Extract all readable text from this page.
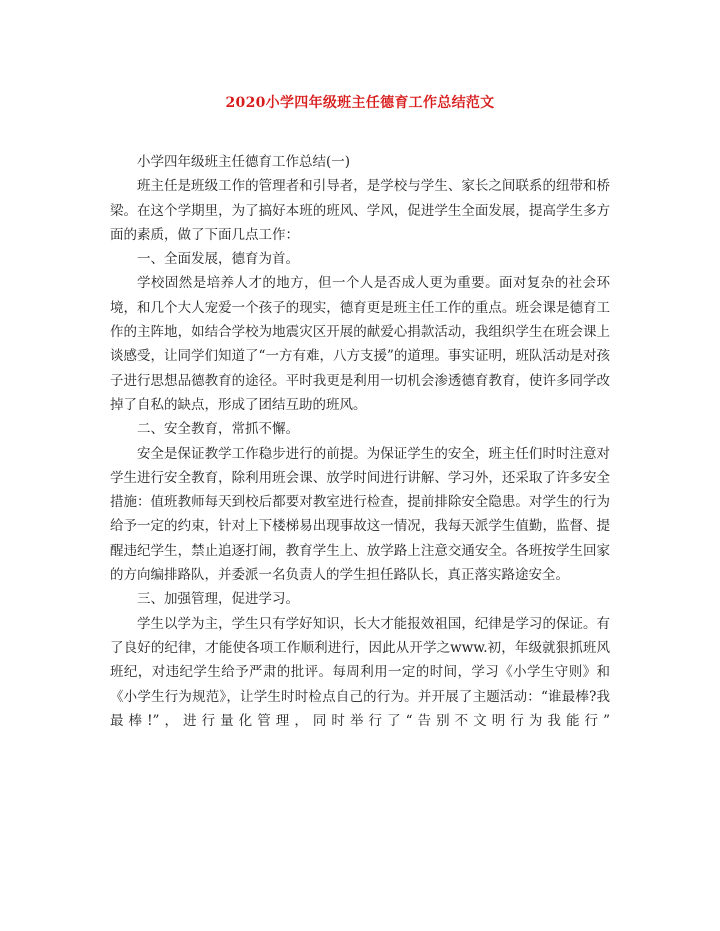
2020小学四年级班主任德育工作总结范文

小学四年级班主任德育工作总结(一)

班主任是班级工作的管理者和引导者，是学校与学生、家长之间联系的纽带和桥梁。在这个学期里，为了搞好本班的班风、学风，促进学生全面发展，提高学生多方面的素质，做了下面几点工作：

一、全面发展，德育为首。

学校固然是培养人才的地方，但一个人是否成人更为重要。面对复杂的社会环境，和几个大人宠爱一个孩子的现实，德育更是班主任工作的重点。班会课是德育工作的主阵地，如结合学校为地震灾区开展的献爱心捐款活动，我组织学生在班会课上谈感受，让同学们知道了“一方有难，八方支援”的道理。事实证明，班队活动是对孩子进行思想品德教育的途径。平时我更是利用一切机会渗透德育教育，使许多同学改掉了自私的缺点，形成了团结互助的班风。

二、安全教育，常抓不懈。

安全是保证教学工作稳步进行的前提。为保证学生的安全，班主任们时时注意对学生进行安全教育，除利用班会课、放学时间进行讲解、学习外，还采取了许多安全措施：值班教师每天到校后都要对教室进行检查，提前排除安全隐患。对学生的行为给予一定的约束，针对上下楼梯易出现事故这一情况，我每天派学生值勤，监督、提醒违纪学生，禁止追逐打闹，教育学生上、放学路上注意交通安全。各班按学生回家的方向编排路队，并委派一名负责人的学生担任路队长，真正落实路途安全。

三、加强管理，促进学习。

学生以学为主，学生只有学好知识，长大才能报效祖国，纪律是学习的保证。有了良好的纪律，才能使各项工作顺利进行，因此从开学之www.初，年级就狠抓班风班纪，对违纪学生给予严肃的批评。每周利用一定的时间，学习《小学生守则》和《小学生行为规范》，让学生时时检点自己的行为。并开展了主题活动：“谁最棒?我最棒!”，进行量化管理，同时举行了“告别不文明行为我能行”
